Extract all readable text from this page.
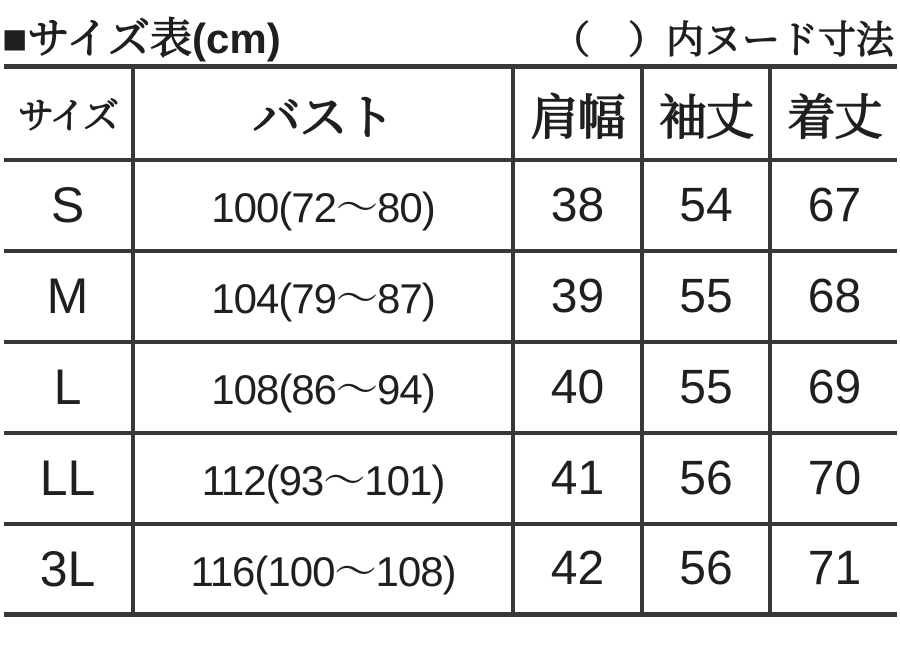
■サイズ表(cm)	（　）内ヌード寸法
サイズ	バスト	肩幅	袖丈	着丈
S	100(72～80)	38	54	67
M	104(79～87)	39	55	68
L	108(86～94)	40	55	69
LL	112(93～101)	41	56	70
3L	116(100～108)	42	56	71
